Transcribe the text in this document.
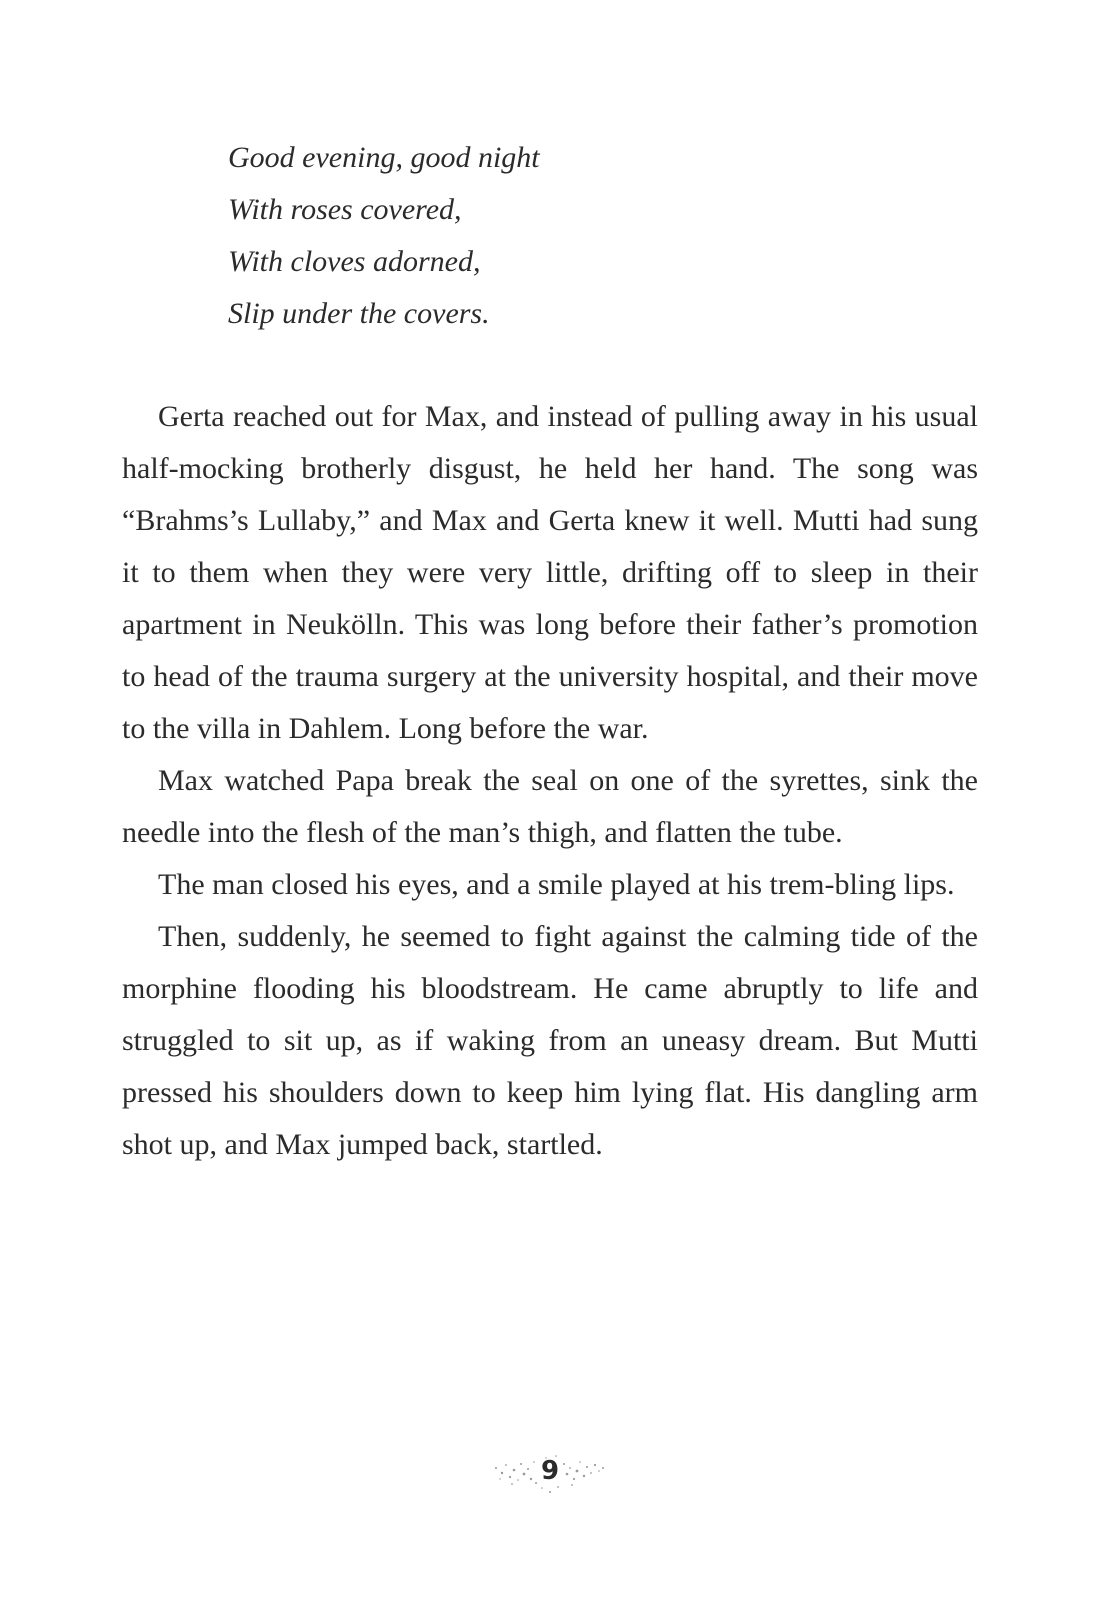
Good evening, good night
With roses covered,
With cloves adorned,
Slip under the covers.

Gerta reached out for Max, and instead of pulling away in his usual half-mocking brotherly disgust, he held her hand. The song was “Brahms’s Lullaby,” and Max and Gerta knew it well. Mutti had sung it to them when they were very little, drifting off to sleep in their apartment in Neukölln. This was long before their father’s promotion to head of the trauma surgery at the university hospital, and their move to the villa in Dahlem. Long before the war.

Max watched Papa break the seal on one of the syrettes, sink the needle into the flesh of the man’s thigh, and flatten the tube.

The man closed his eyes, and a smile played at his trem-bling lips.

Then, suddenly, he seemed to fight against the calming tide of the morphine flooding his bloodstream. He came abruptly to life and struggled to sit up, as if waking from an uneasy dream. But Mutti pressed his shoulders down to keep him lying flat. His dangling arm shot up, and Max jumped back, startled.

9
